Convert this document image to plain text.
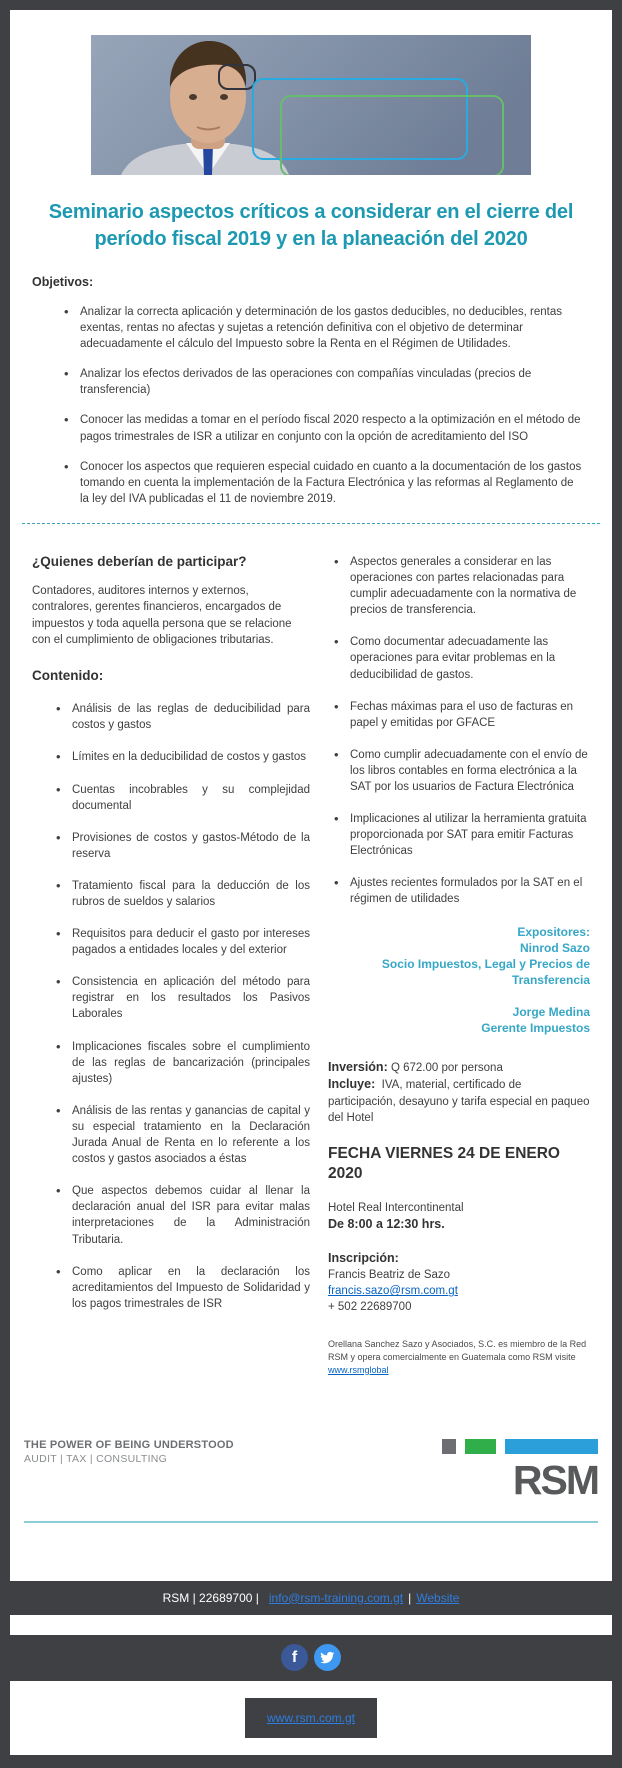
Seminario aspectos críticos a considerar en el cierre del período fiscal 2019 y en la planeación del 2020
Objetivos:
• Analizar la correcta aplicación y determinación de los gastos deducibles, no deducibles, rentas exentas, rentas no afectas y sujetas a retención definitiva con el objetivo de determinar adecuadamente el cálculo del Impuesto sobre la Renta en el Régimen de Utilidades.
• Analizar los efectos derivados de las operaciones con compañías vinculadas (precios de transferencia)
• Conocer las medidas a tomar en el período fiscal 2020 respecto a la optimización en el método de pagos trimestrales de ISR a utilizar en conjunto con la opción de acreditamiento del ISO
• Conocer los aspectos que requieren especial cuidado en cuanto a la documentación de los gastos tomando en cuenta la implementación de la Factura Electrónica y las reformas al Reglamento de la ley del IVA publicadas el 11 de noviembre 2019.
¿Quienes deberían de participar?

Contadores, auditores internos y externos, contralores, gerentes financieros, encargados de impuestos y toda aquella persona que se relacione con el cumplimiento de obligaciones tributarias.

Contenido:
• Análisis de las reglas de deducibilidad para costos y gastos
• Límites en la deducibilidad de costos y gastos
• Cuentas incobrables y su complejidad documental
• Provisiones de costos y gastos-Método de la reserva
• Tratamiento fiscal para la deducción de los rubros de sueldos y salarios
• Requisitos para deducir el gasto por intereses pagados a entidades locales y del exterior
• Consistencia en aplicación del método para registrar en los resultados los Pasivos Laborales
• Implicaciones fiscales sobre el cumplimiento de las reglas de bancarización (principales ajustes)
• Análisis de las rentas y ganancias de capital y su especial tratamiento en la Declaración Jurada Anual de Renta en lo referente a los costos y gastos asociados a éstas
• Que aspectos debemos cuidar al llenar la declaración anual del ISR para evitar malas interpretaciones de la Administración Tributaria.
• Como aplicar en la declaración los acreditamientos del Impuesto de Solidaridad y los pagos trimestrales de ISR
• Aspectos generales a considerar en las operaciones con partes relacionadas para cumplir adecuadamente con la normativa de precios de transferencia.
• Como documentar adecuadamente las operaciones para evitar problemas en la deducibilidad de gastos.
• Fechas máximas para el uso de facturas en papel y emitidas por GFACE
• Como cumplir adecuadamente con el envío de los libros contables en forma electrónica a la SAT por los usuarios de Factura Electrónica
• Implicaciones al utilizar la herramienta gratuita proporcionada por SAT para emitir Facturas Electrónicas
• Ajustes recientes formulados por la SAT en el régimen de utilidades
Expositores:
Ninrod Sazo
Socio Impuestos, Legal y Precios de Transferencia
Jorge Medina
Gerente Impuestos

Inversión: Q 672.00 por persona

Incluye: IVA, material, certificado de participación, desayuno y tarifa especial en paqueo del Hotel

FECHA VIERNES 24 DE ENERO 2020

Hotel Real Intercontinental

De 8:00 a 12:30 hrs.

Inscripción:

Francis Beatriz de Sazo

francis.sazo@rsm.com.gt

+ 502 22689700

Orellana Sanchez Sazo y Asociados, S.C. es miembro de la Red RSM y opera comercialmente en Guatemala como RSM visite www.rsmglobal

THE POWER OF BEING UNDERSTOOD
AUDIT | TAX | CONSULTING	RSM
RSM | 22689700 | info@rsm-training.com.gt | Website
f
www.rsm.com.gt
